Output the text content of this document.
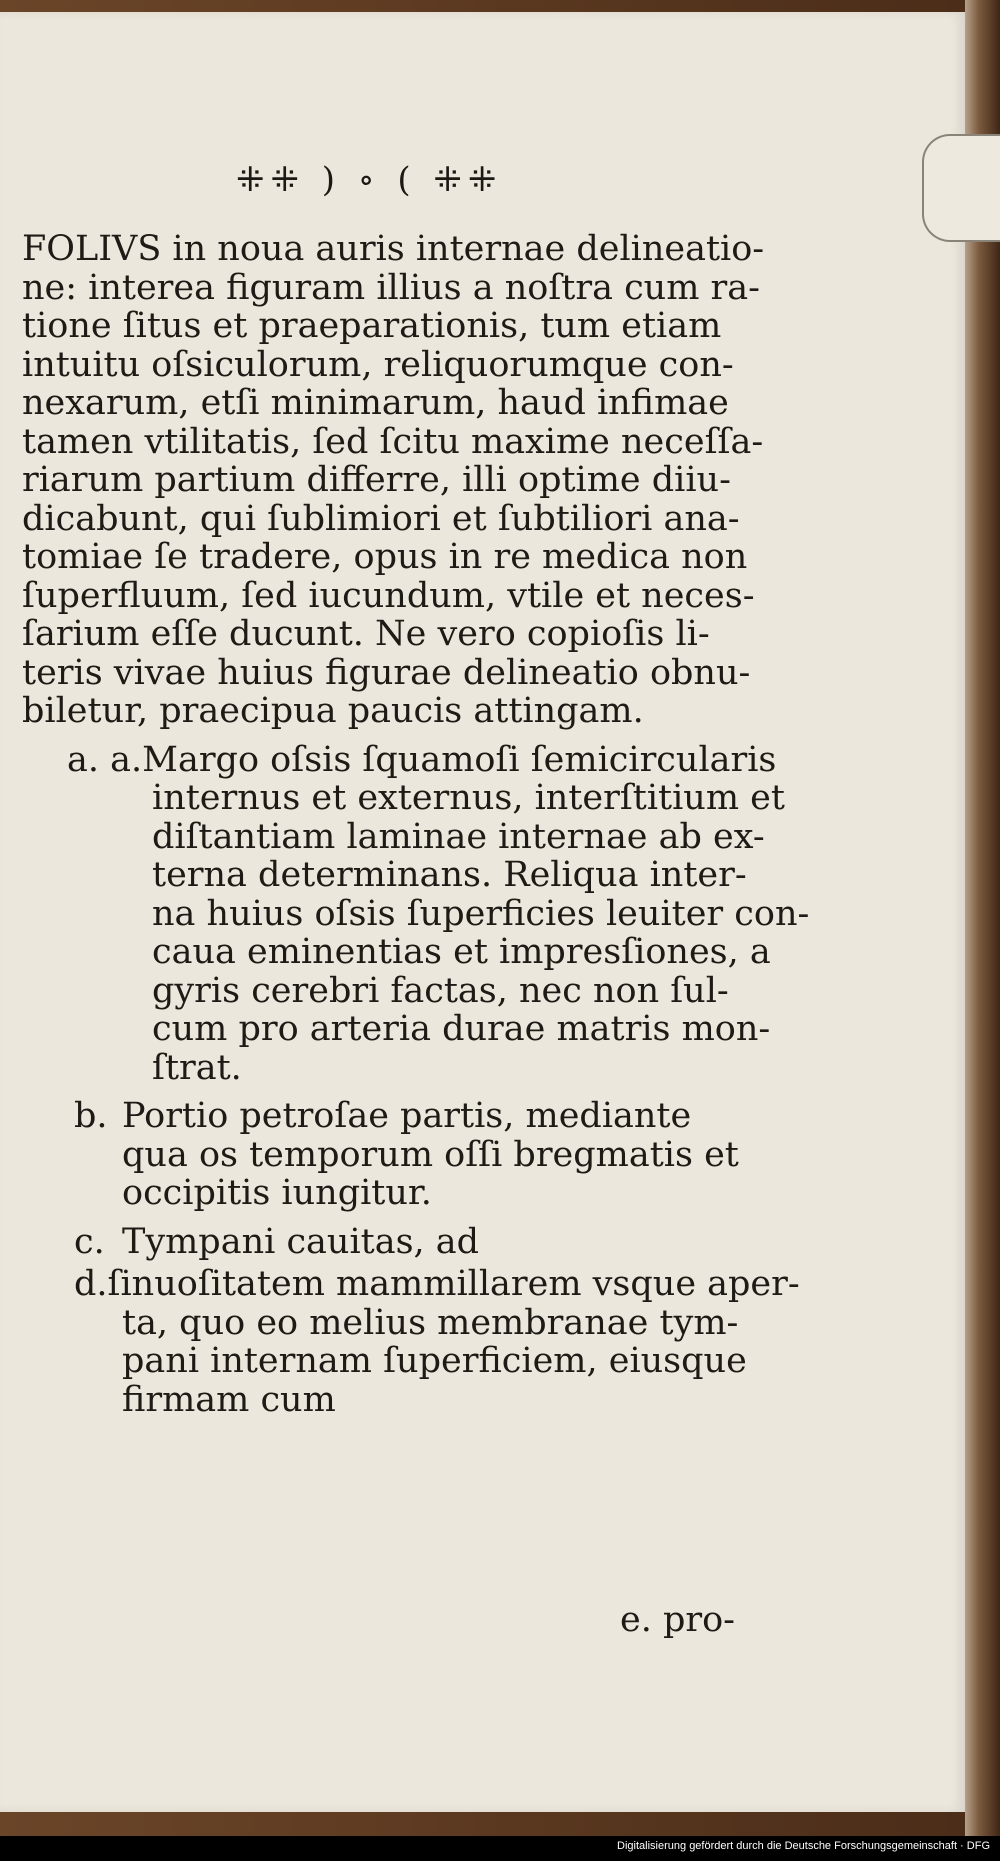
⁜⁜ ) ∘ ( ⁜⁜
FOLIVS in noua auris internae delineatio-
ne: interea figuram illius a noſtra cum ra-
tione ſitus et praeparationis, tum etiam
intuitu oſsiculorum, reliquorumque con-
nexarum, etſi minimarum, haud infimae
tamen vtilitatis, ſed ſcitu maxime neceſſa-
riarum partium differre, illi optime diiu-
dicabunt, qui ſublimiori et ſubtiliori ana-
tomiae ſe tradere, opus in re medica non
ſuperfluum, ſed iucundum, vtile et neces-
ſarium eſſe ducunt. Ne vero copioſis li-
teris vivae huius figurae delineatio obnu-
biletur, praecipua paucis attingam.
a. a. Margo oſsis ſquamoſi ſemicircularis
internus et externus, interſtitium et
diſtantiam laminae internae ab ex-
terna determinans. Reliqua inter-
na huius oſsis ſuperficies leuiter con-
caua eminentias et impresſiones, a
gyris cerebri factas, nec non ſul-
cum pro arteria durae matris mon-
ſtrat.
b. Portio petroſae partis, mediante
qua os temporum oſſi bregmatis et
occipitis iungitur.
c. Tympani cauitas, ad
d. ſinuoſitatem mammillarem vsque aper-
ta, quo eo melius membranae tym-
pani internam ſuperficiem, eiusque
firmam cum
e. pro-
Digitalisierung gefördert durch die Deutsche Forschungsgemeinschaft · DFG
